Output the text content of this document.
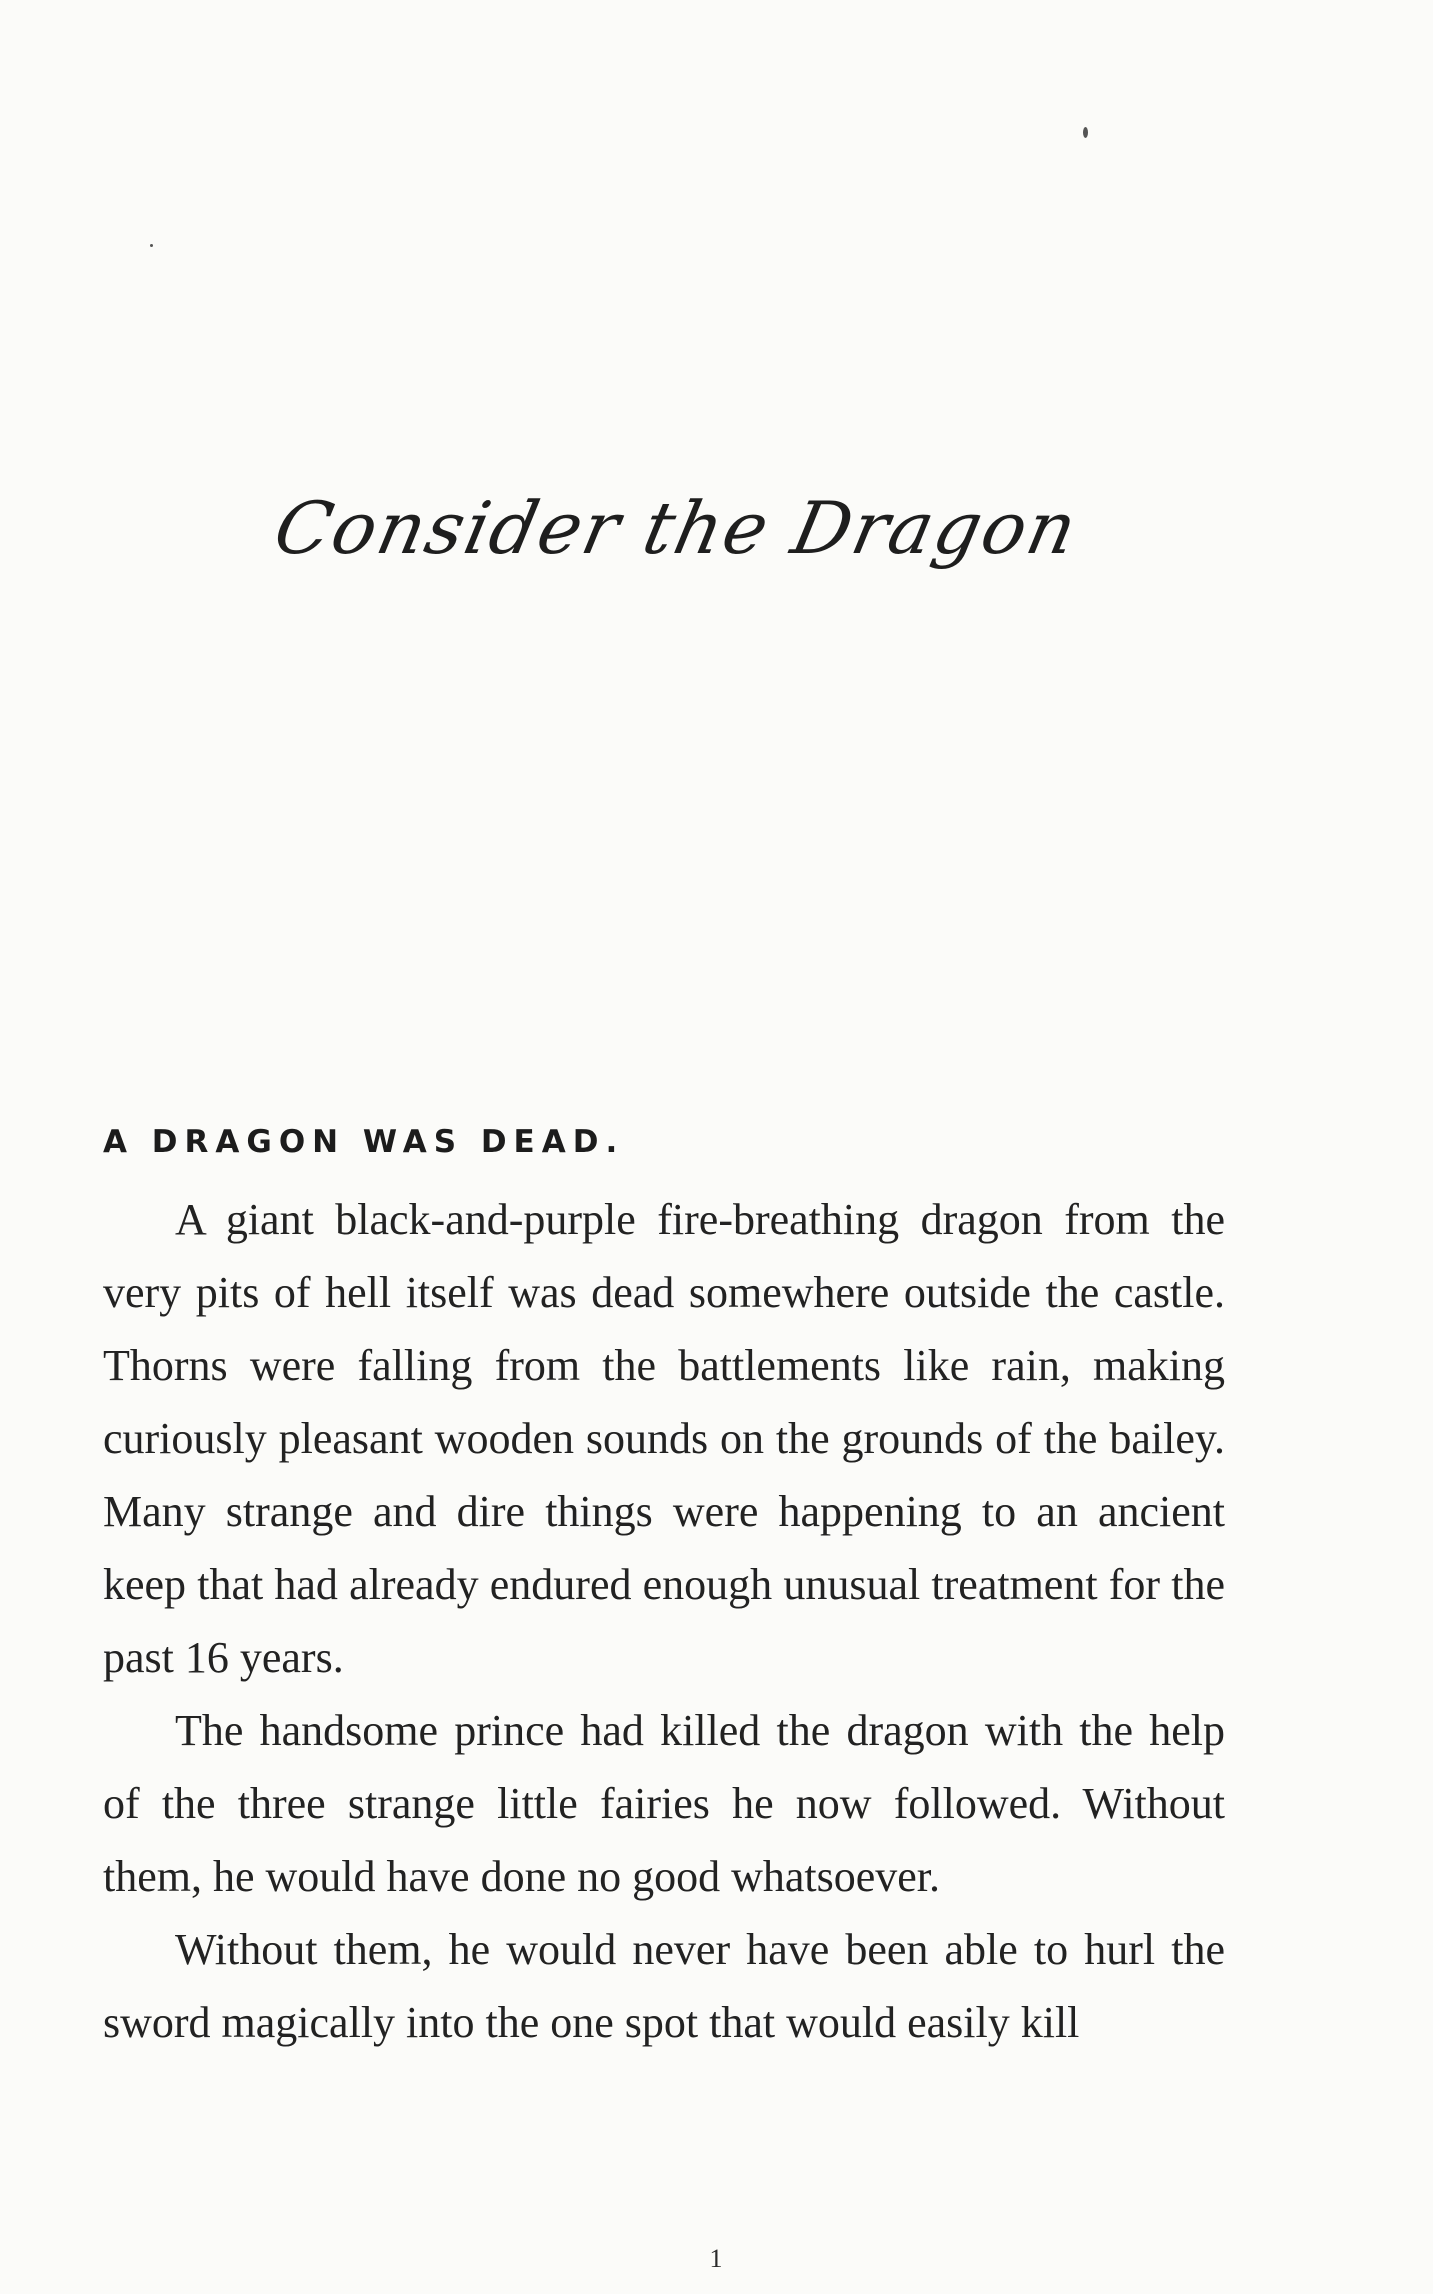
Consider the Dragon
A DRAGON WAS DEAD.

A giant black-and-purple fire-breathing dragon from the very pits of hell itself was dead somewhere outside the castle. Thorns were falling from the battlements like rain, making curiously pleasant wooden sounds on the grounds of the bailey. Many strange and dire things were happening to an ancient keep that had already endured enough unusual treatment for the past 16 years.

The handsome prince had killed the dragon with the help of the three strange little fairies he now followed. Without them, he would have done no good whatsoever.

Without them, he would never have been able to hurl the sword magically into the one spot that would easily kill

1
